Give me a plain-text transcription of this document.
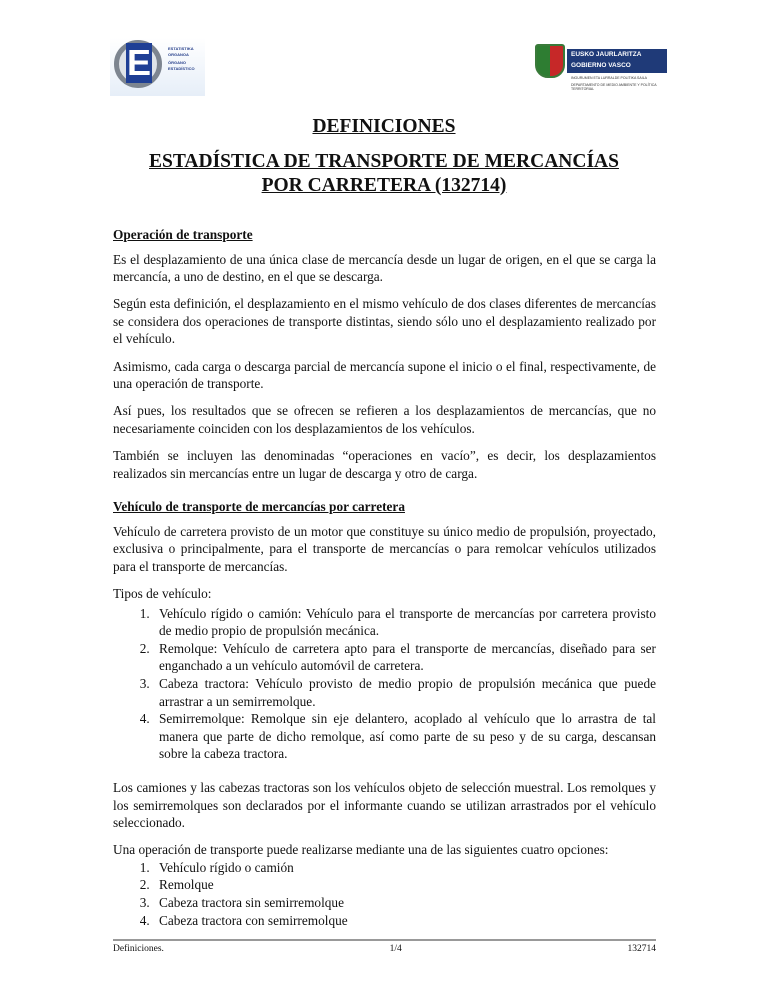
E	ESTATISTIKA
ORGANOA
ÓRGANO
ESTADÍSTICO
EUSKO JAURLARITZA
GOBIERNO VASCO
INGURUMEN ETA LURRALDE POLITIKA SAILA
DEPARTAMENTO DE MEDIO AMBIENTE Y POLÍTICA TERRITORIAL
DEFINICIONES
ESTADÍSTICA DE TRANSPORTE DE MERCANCÍAS
POR CARRETERA (132714)
Operación de transporte

Es el desplazamiento de una única clase de mercancía desde un lugar de origen, en el que se carga la mercancía, a uno de destino, en el que se descarga.

Según esta definición, el desplazamiento en el mismo vehículo de dos clases diferentes de mercancías se considera dos operaciones de transporte distintas, siendo sólo uno el desplazamiento realizado por el vehículo.

Asimismo, cada carga o descarga parcial de mercancía supone el inicio o el final, respectivamente, de una operación de transporte.

Así pues, los resultados que se ofrecen se refieren a los desplazamientos de mercancías, que no necesariamente coinciden con los desplazamientos de los vehículos.

También se incluyen las denominadas “operaciones en vacío”, es decir, los desplazamientos realizados sin mercancías entre un lugar de descarga y otro de carga.

Vehículo de transporte de mercancías por carretera

Vehículo de carretera provisto de un motor que constituye su único medio de propulsión, proyectado, exclusiva o principalmente, para el transporte de mercancías o para remolcar vehículos utilizados para el transporte de mercancías.

Tipos de vehículo:

1. Vehículo rígido o camión: Vehículo para el transporte de mercancías por carretera provisto de medio propio de propulsión mecánica.
2. Remolque: Vehículo de carretera apto para el transporte de mercancías, diseñado para ser enganchado a un vehículo automóvil de carretera.
3. Cabeza tractora: Vehículo provisto de medio propio de propulsión mecánica que puede arrastrar a un semirremolque.
4. Semirremolque: Remolque sin eje delantero, acoplado al vehículo que lo arrastra de tal manera que parte de dicho remolque, así como parte de su peso y de su carga, descansan sobre la cabeza tractora.

Los camiones y las cabezas tractoras son los vehículos objeto de selección muestral. Los remolques y los semirremolques son declarados por el informante cuando se utilizan arrastrados por el vehículo seleccionado.

Una operación de transporte puede realizarse mediante una de las siguientes cuatro opciones:

1. Vehículo rígido o camión
2. Remolque
3. Cabeza tractora sin semirremolque
4. Cabeza tractora con semirremolque
Definiciones.	1/4	132714
